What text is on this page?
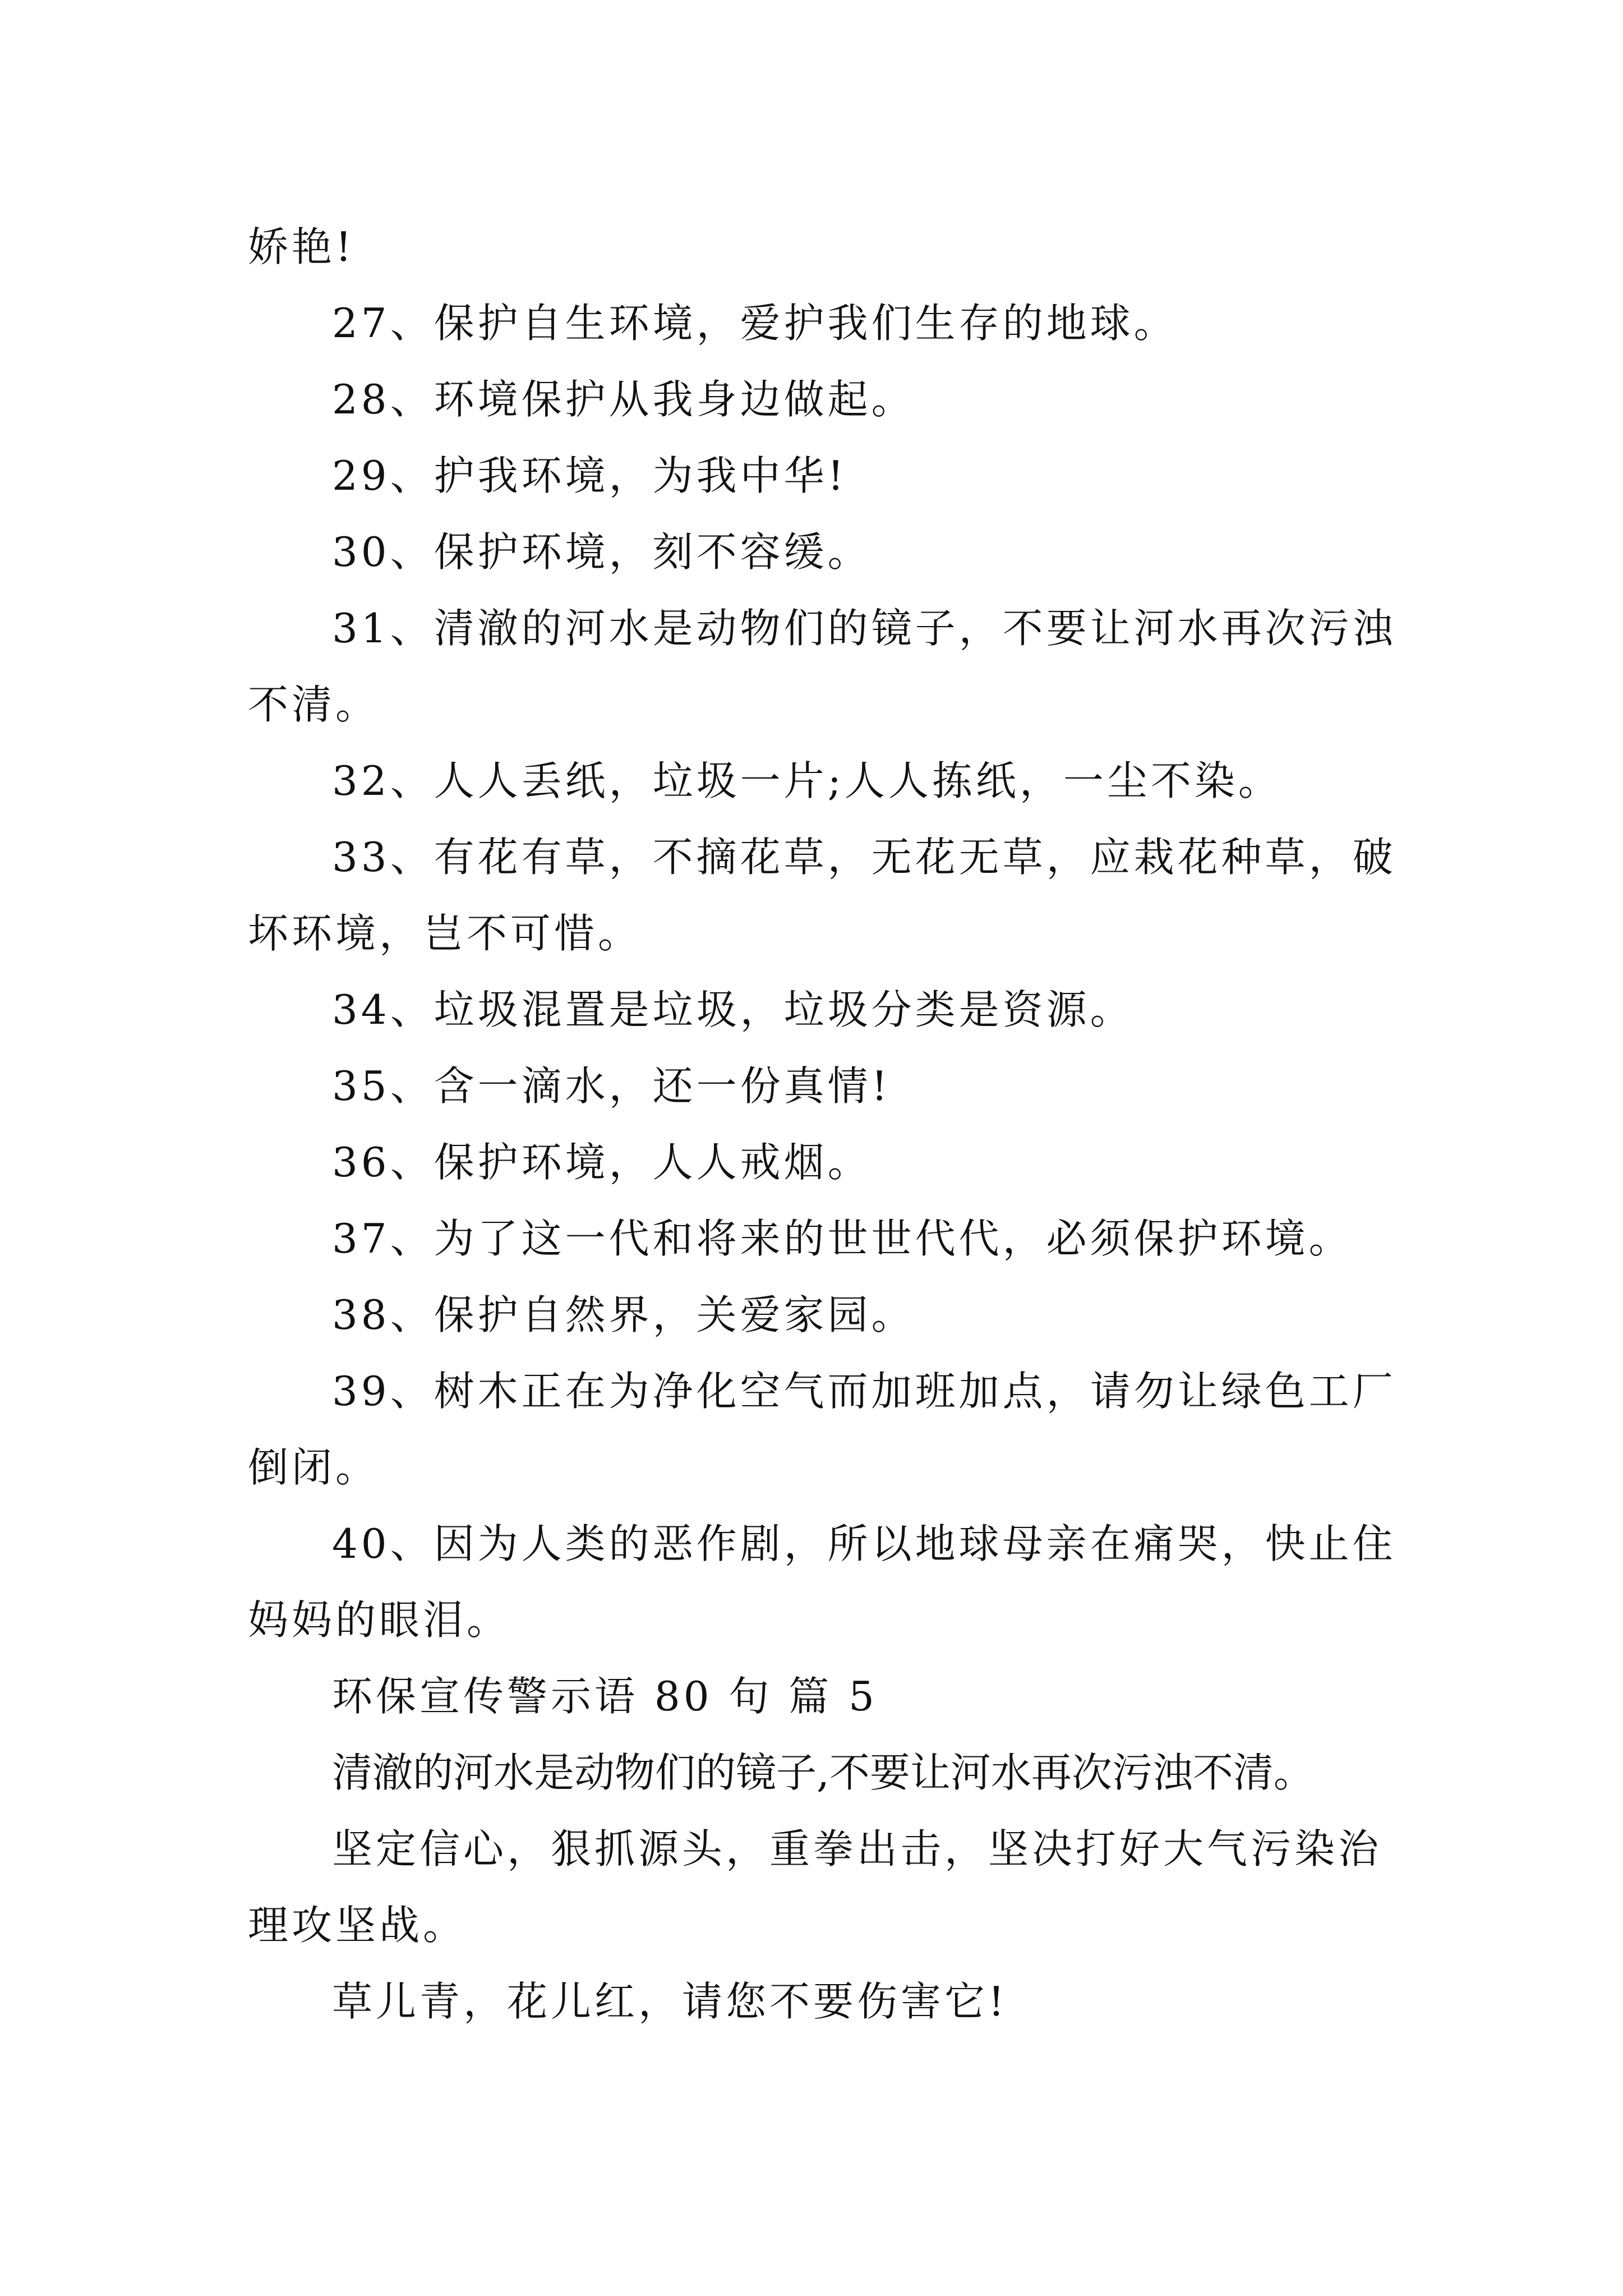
娇艳!
27、保护自生环境，爱护我们生存的地球。
28、环境保护从我身边做起。
29、护我环境，为我中华!
30、保护环境，刻不容缓。
31、清澈的河水是动物们的镜子，不要让河水再次污浊
不清。
32、人人丢纸，垃圾一片;人人拣纸，一尘不染。
33、有花有草，不摘花草，无花无草，应栽花种草，破
坏环境，岂不可惜。
34、垃圾混置是垃圾，垃圾分类是资源。
35、含一滴水，还一份真情!
36、保护环境，人人戒烟。
37、为了这一代和将来的世世代代，必须保护环境。
38、保护自然界，关爱家园。
39、树木正在为净化空气而加班加点，请勿让绿色工厂
倒闭。
40、因为人类的恶作剧，所以地球母亲在痛哭，快止住
妈妈的眼泪。
环保宣传警示语 80 句 篇 5
清澈的河水是动物们的镜子,不要让河水再次污浊不清。
坚定信心，狠抓源头，重拳出击，坚决打好大气污染治
理攻坚战。
草儿青，花儿红，请您不要伤害它!
